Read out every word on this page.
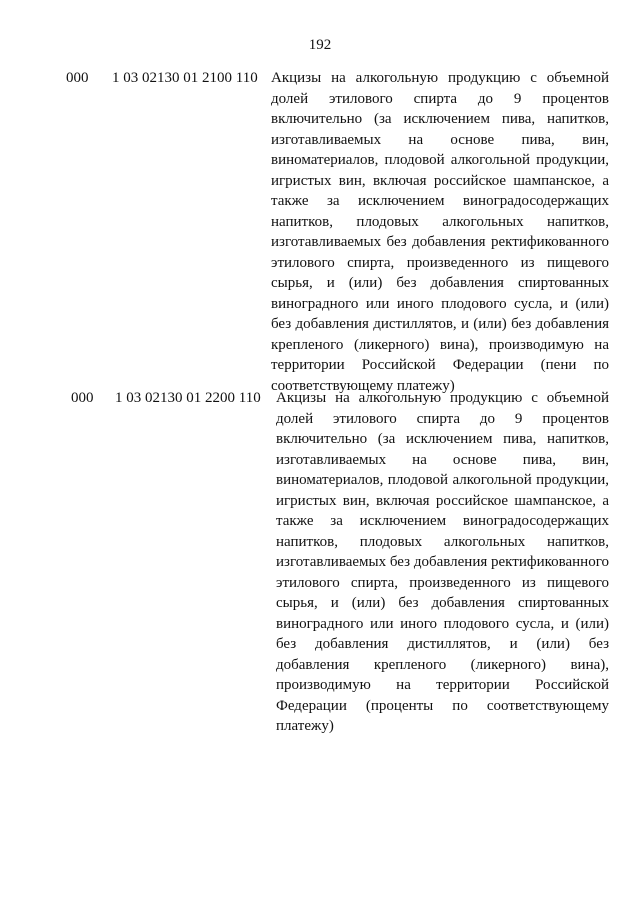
192
000 1 03 02130 01 2100 110 Акцизы на алкогольную продукцию с объемной долей этилового спирта до 9 процентов включительно (за исключением пива, напитков, изготавливаемых на основе пива, вин, виноматериалов, плодовой алкогольной продукции, игристых вин, включая российское шампанское, а также за исключением виноградосодержащих напитков, плодовых алкогольных напитков, изготавливаемых без добавления ректификованного этилового спирта, произведенного из пищевого сырья, и (или) без добавления спиртованных виноградного или иного плодового сусла, и (или) без добавления дистиллятов, и (или) без добавления крепленого (ликерного) вина), производимую на территории Российской Федерации (пени по соответствующему платежу)
000 1 03 02130 01 2200 110 Акцизы на алкогольную продукцию с объемной долей этилового спирта до 9 процентов включительно (за исключением пива, напитков, изготавливаемых на основе пива, вин, виноматериалов, плодовой алкогольной продукции, игристых вин, включая российское шампанское, а также за исключением виноградосодержащих напитков, плодовых алкогольных напитков, изготавливаемых без добавления ректификованного этилового спирта, произведенного из пищевого сырья, и (или) без добавления спиртованных виноградного или иного плодового сусла, и (или) без добавления дистиллятов, и (или) без добавления крепленого (ликерного) вина), производимую на территории Российской Федерации (проценты по соответствующему платежу)
